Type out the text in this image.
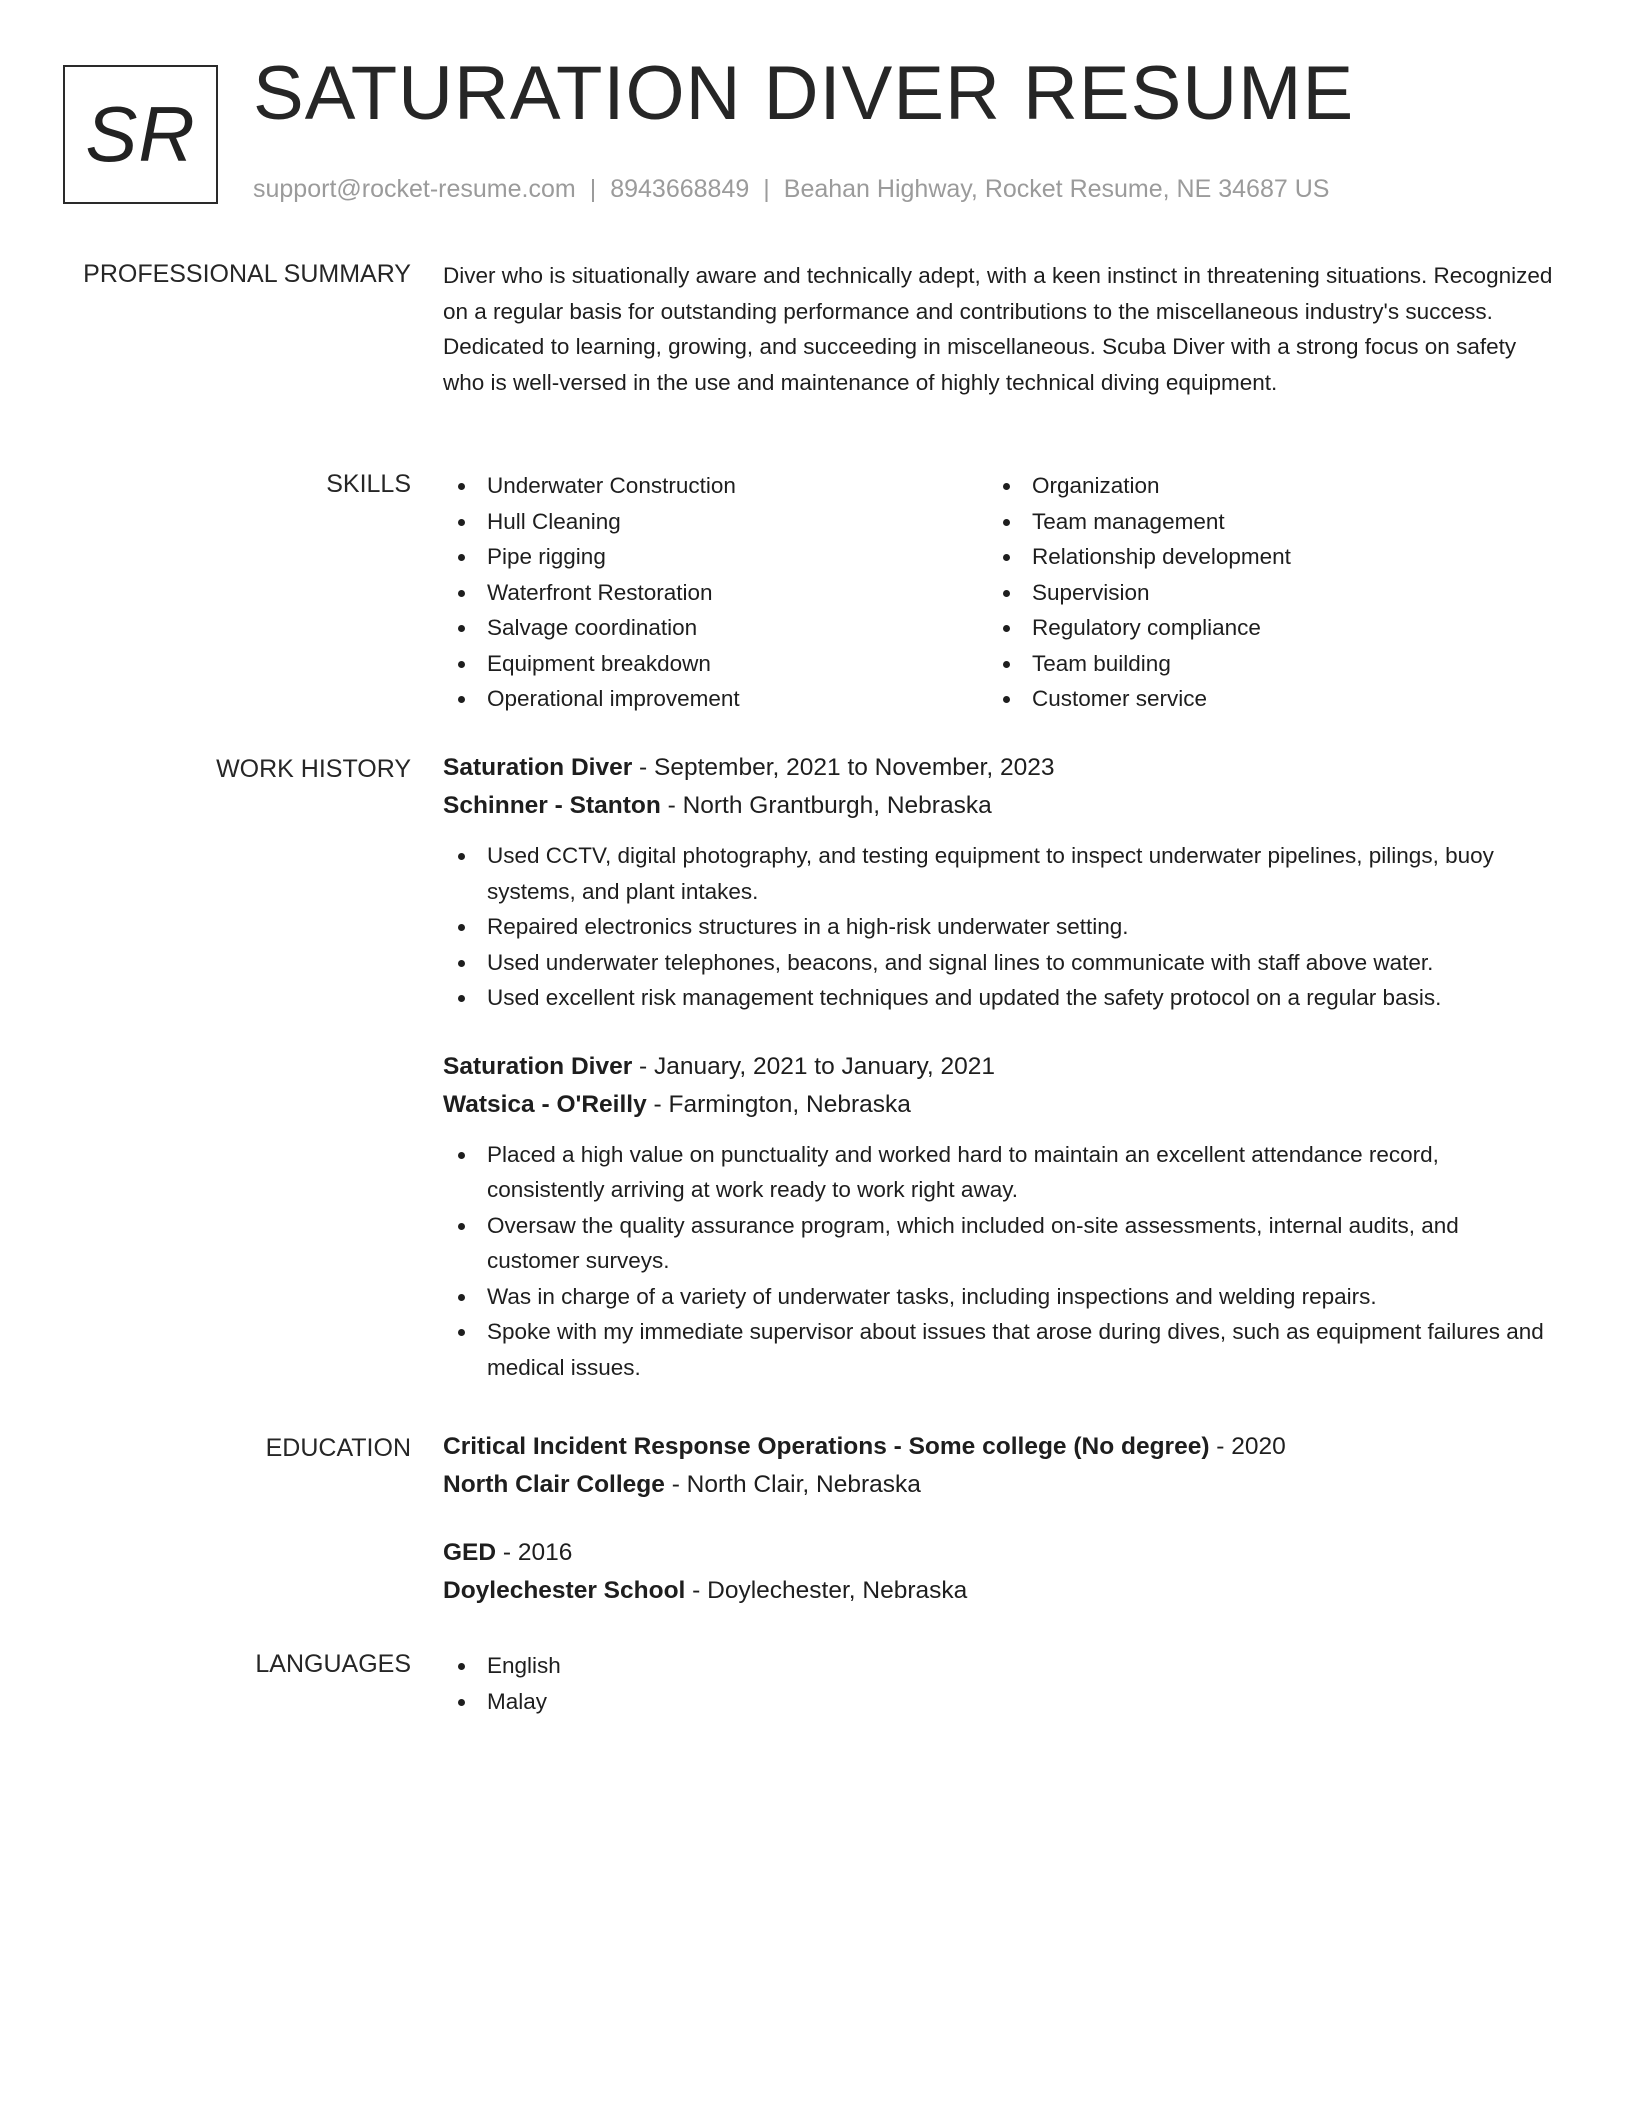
SR SATURATION DIVER RESUME
support@rocket-resume.com | 8943668849 | Beahan Highway, Rocket Resume, NE 34687 US
PROFESSIONAL SUMMARY Diver who is situationally aware and technically adept, with a keen instinct in threatening situations. Recognized on a regular basis for outstanding performance and contributions to the miscellaneous industry's success. Dedicated to learning, growing, and succeeding in miscellaneous. Scuba Diver with a strong focus on safety who is well-versed in the use and maintenance of highly technical diving equipment.

SKILLS	Underwater Construction
Hull Cleaning
Pipe rigging
Waterfront Restoration
Salvage coordination
Equipment breakdown
Operational improvement
Organization
Team management
Relationship development
Supervision
Regulatory compliance
Team building
Customer service
WORK HISTORY Saturation Diver - September, 2021 to November, 2023
Schinner - Stanton - North Grantburgh, Nebraska
Used CCTV, digital photography, and testing equipment to inspect underwater pipelines, pilings, buoy systems, and plant intakes.
Repaired electronics structures in a high-risk underwater setting.
Used underwater telephones, beacons, and signal lines to communicate with staff above water.
Used excellent risk management techniques and updated the safety protocol on a regular basis.
Saturation Diver - January, 2021 to January, 2021
Watsica - O'Reilly - Farmington, Nebraska
Placed a high value on punctuality and worked hard to maintain an excellent attendance record, consistently arriving at work ready to work right away.
Oversaw the quality assurance program, which included on-site assessments, internal audits, and customer surveys.
Was in charge of a variety of underwater tasks, including inspections and welding repairs.
Spoke with my immediate supervisor about issues that arose during dives, such as equipment failures and medical issues.
EDUCATION Critical Incident Response Operations - Some college (No degree) - 2020
North Clair College - North Clair, Nebraska
GED - 2016
Doylechester School - Doylechester, Nebraska
LANGUAGES	English
Malay
